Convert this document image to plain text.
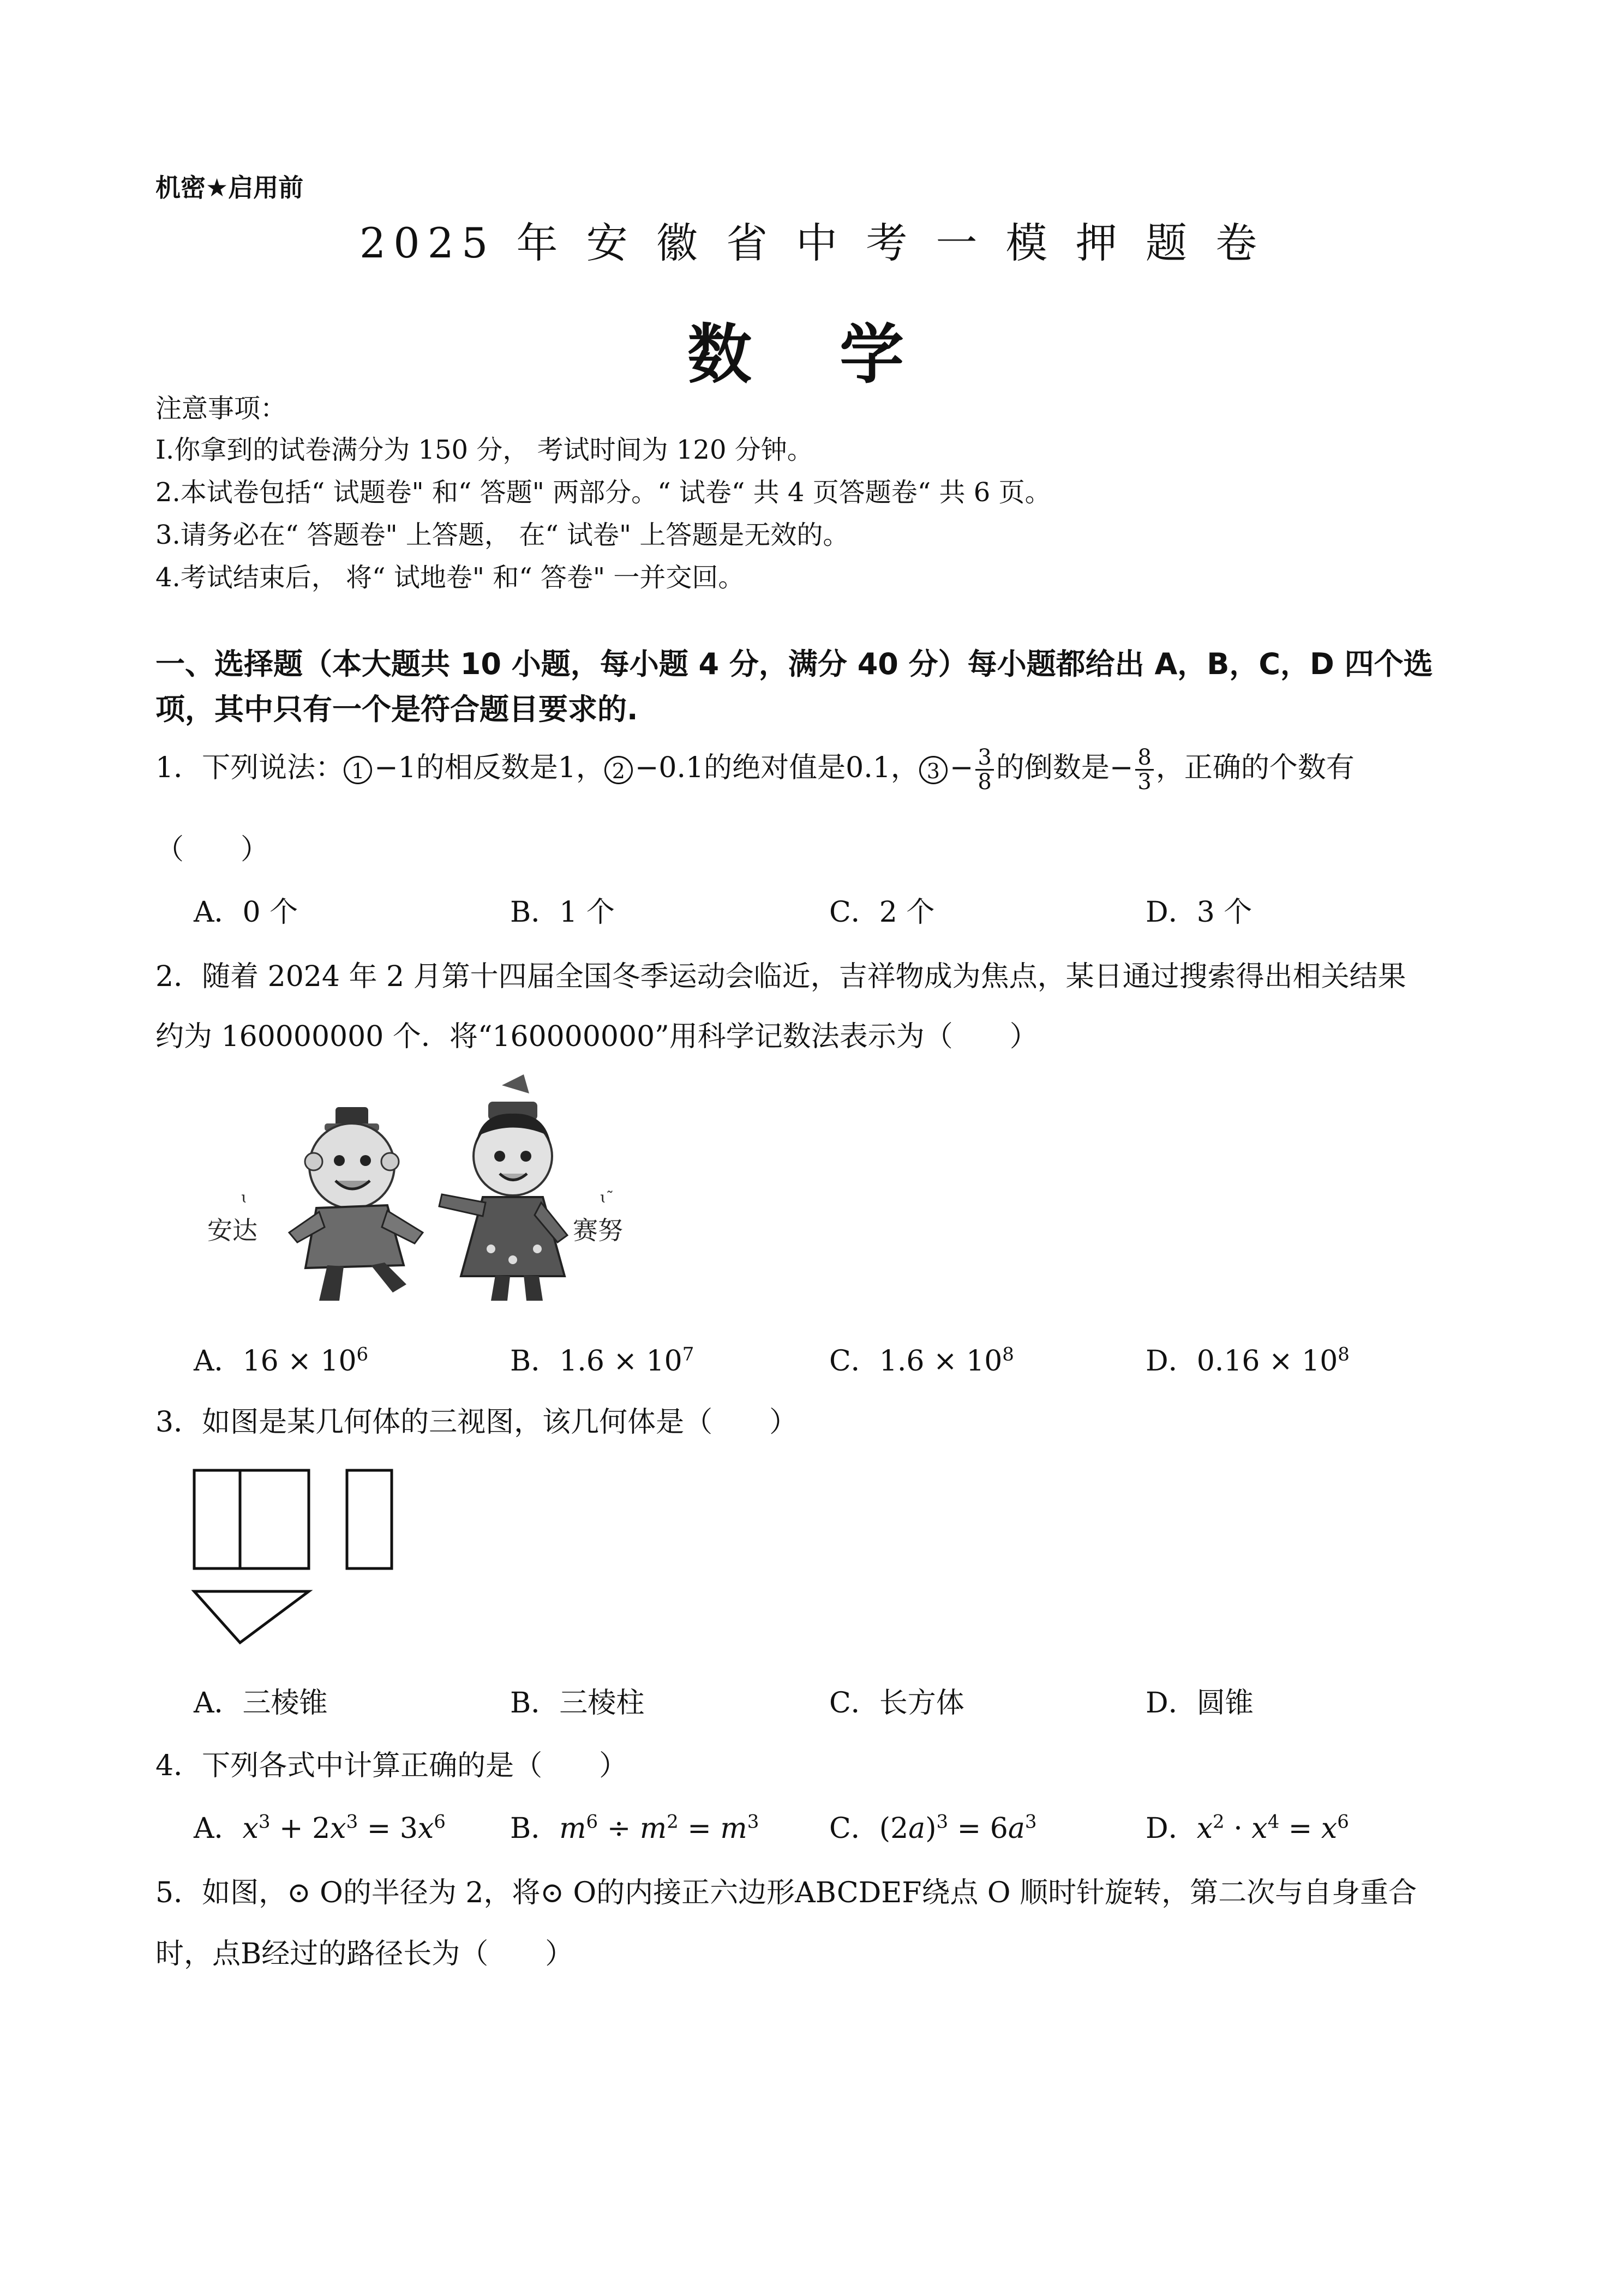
机密★启用前
2025 年 安 徽 省 中 考 一 模 押 题 卷
数 学
注意事项：
I.你拿到的试卷满分为 150 分， 考试时间为 120 分钟。
2.本试卷包括“ 试题卷" 和“ 答题" 两部分。“ 试卷“ 共 4 页答题卷“ 共 6 页。
3.请务必在“ 答题卷" 上答题， 在“ 试卷" 上答题是无效的。
4.考试结束后， 将“ 试地卷" 和“ 答卷" 一并交回。
一、选择题（本大题共 10 小题，每小题 4 分，满分 40 分）每小题都给出 A，B，C，D 四个选
项，其中只有一个是符合题目要求的.
1．下列说法： 1 −1的相反数是1， 2 −0.1的绝对值是0.1， $3 - \frac{3}{8}$ 的倒数是− $\frac{8}{3}$ ，正确的个数有
（　　）
A．0 个	B．1 个	C．2 个	D．3 个
2．随着 2024 年 2 月第十四届全国冬季运动会临近，吉祥物成为焦点，某日通过搜索得出相关结果
约为 160000000 个．将“160000000”用科学记数法表示为（　　）
安达
ɩ
赛努
ɩ˜
A．$16 \times 10^6$	B．$1.6 \times 10^7$	C．$1.6 \times 10^8$	D．$0.16 \times 10^8$
3．如图是某几何体的三视图，该几何体是（　　）
A．三棱锥	B．三棱柱	C．长方体	D．圆锥
4．下列各式中计算正确的是（　　）
A．$x^3 + 2x^3 = 3x^6$ B．$m^6 \div m^2 = m^3$ C．$(2a)^3 = 6a^3$	D．$x^2 \cdot x^4 = x^6$
5．如图，⊙ O的半径为 2，将⊙ O的内接正六边形ABCDEF绕点 O 顺时针旋转，第二次与自身重合
时，点B经过的路径长为（　　）
